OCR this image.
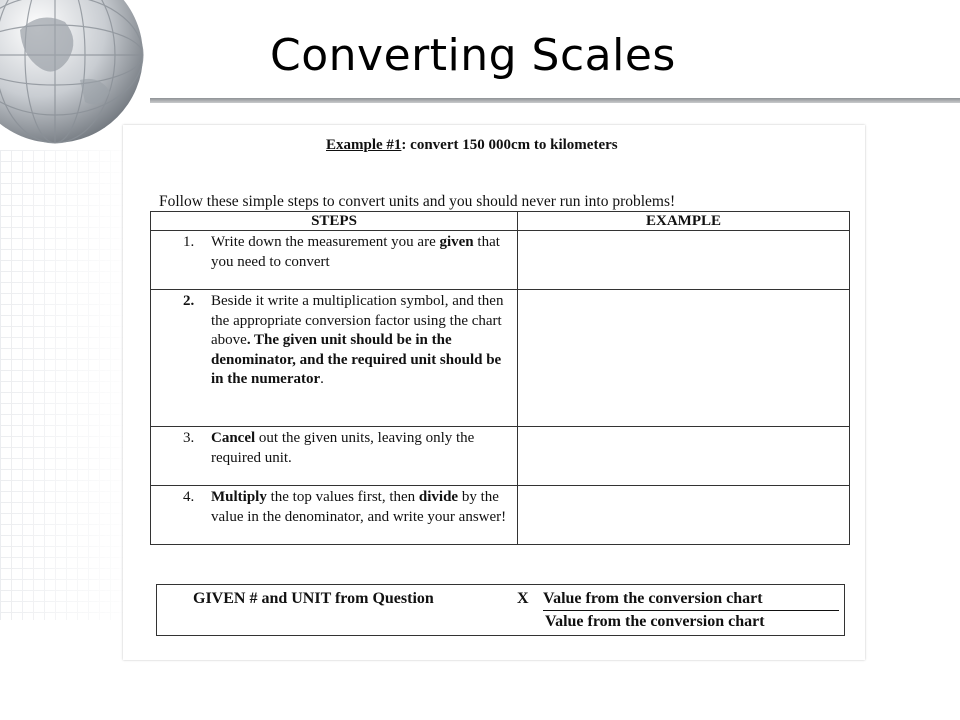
Converting Scales
Example #1: convert 150 000cm to kilometers
Follow these simple steps to convert units and you should never run into problems!
STEPS	EXAMPLE

1. Write down the measurement you are given that you need to convert	

2. Beside it write a multiplication symbol, and then the appropriate conversion factor using the chart above. The given unit should be in the denominator, and the required unit should be in the numerator.	

3. Cancel out the given units, leaving only the required unit.	

4. Multiply the top values first, then divide by the value in the denominator, and write your answer!	

GIVEN # and UNIT from Question	X Value from the conversion chart
Value from the conversion chart
